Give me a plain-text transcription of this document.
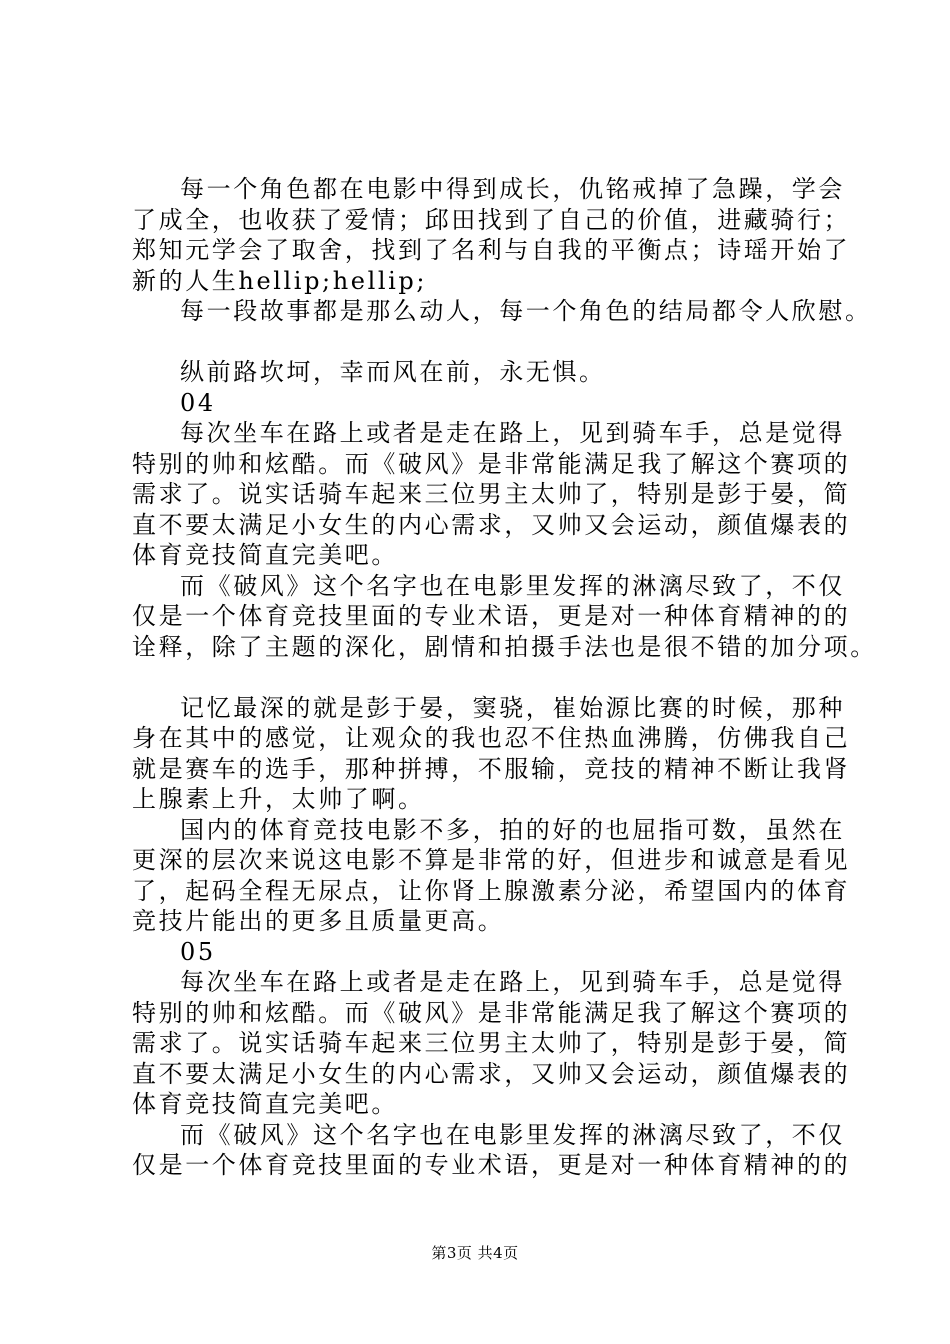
每一个角色都在电影中得到成长，仇铭戒掉了急躁，学会
了成全，也收获了爱情；邱田找到了自己的价值，进藏骑行；
郑知元学会了取舍，找到了名利与自我的平衡点；诗瑶开始了
新的人生hellip;hellip;
每一段故事都是那么动人，每一个角色的结局都令人欣慰。
纵前路坎坷，幸而风在前，永无惧。
04
每次坐车在路上或者是走在路上，见到骑车手，总是觉得
特别的帅和炫酷。而《破风》是非常能满足我了解这个赛项的
需求了。说实话骑车起来三位男主太帅了，特别是彭于晏，简
直不要太满足小女生的内心需求，又帅又会运动，颜值爆表的
体育竞技简直完美吧。
而《破风》这个名字也在电影里发挥的淋漓尽致了，不仅
仅是一个体育竞技里面的专业术语，更是对一种体育精神的的
诠释，除了主题的深化，剧情和拍摄手法也是很不错的加分项。
记忆最深的就是彭于晏，窦骁，崔始源比赛的时候，那种
身在其中的感觉，让观众的我也忍不住热血沸腾，仿佛我自己
就是赛车的选手，那种拼搏，不服输，竞技的精神不断让我肾
上腺素上升，太帅了啊。
国内的体育竞技电影不多，拍的好的也屈指可数，虽然在
更深的层次来说这电影不算是非常的好，但进步和诚意是看见
了，起码全程无尿点，让你肾上腺激素分泌，希望国内的体育
竞技片能出的更多且质量更高。
05
每次坐车在路上或者是走在路上，见到骑车手，总是觉得
特别的帅和炫酷。而《破风》是非常能满足我了解这个赛项的
需求了。说实话骑车起来三位男主太帅了，特别是彭于晏，简
直不要太满足小女生的内心需求，又帅又会运动，颜值爆表的
体育竞技简直完美吧。
而《破风》这个名字也在电影里发挥的淋漓尽致了，不仅
仅是一个体育竞技里面的专业术语，更是对一种体育精神的的
第3页 共4页
